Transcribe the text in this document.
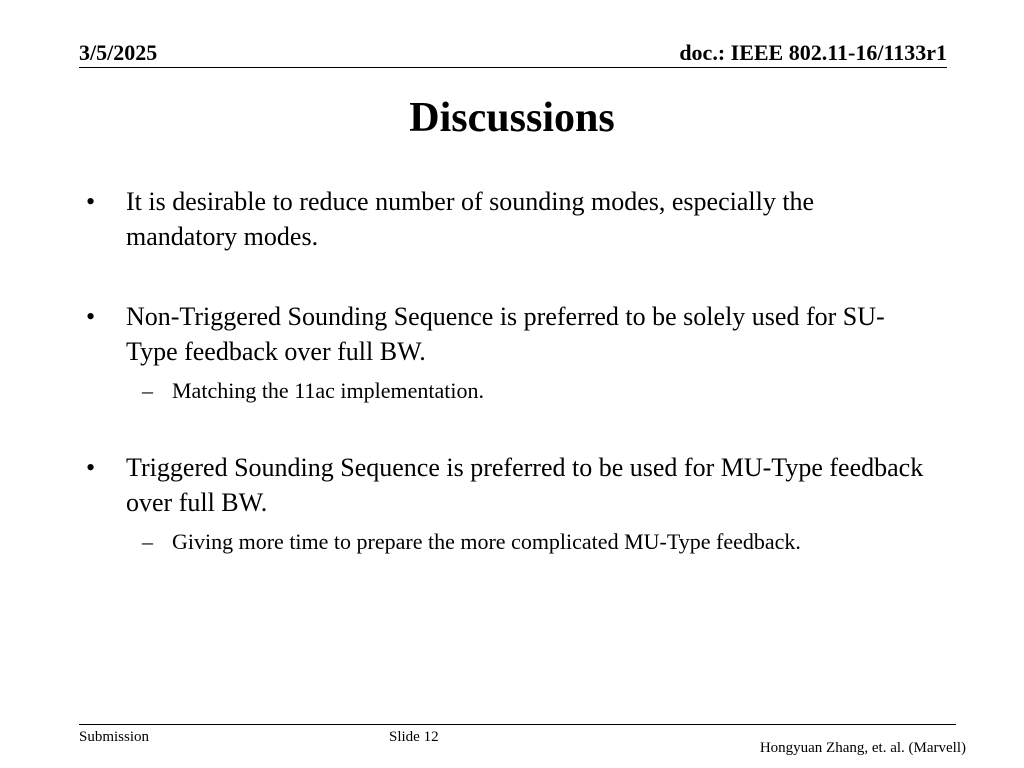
3/5/2025	doc.: IEEE 802.11-16/1133r1
Discussions
• It is desirable to reduce number of sounding modes, especially the mandatory modes.
• Non-Triggered Sounding Sequence is preferred to be solely used for SU-Type feedback over full BW.
– Matching the 11ac implementation.
• Triggered Sounding Sequence is preferred to be used for MU-Type feedback over full BW.
– Giving more time to prepare the more complicated MU-Type feedback.
Submission	Slide 12
Hongyuan Zhang, et. al. (Marvell)
